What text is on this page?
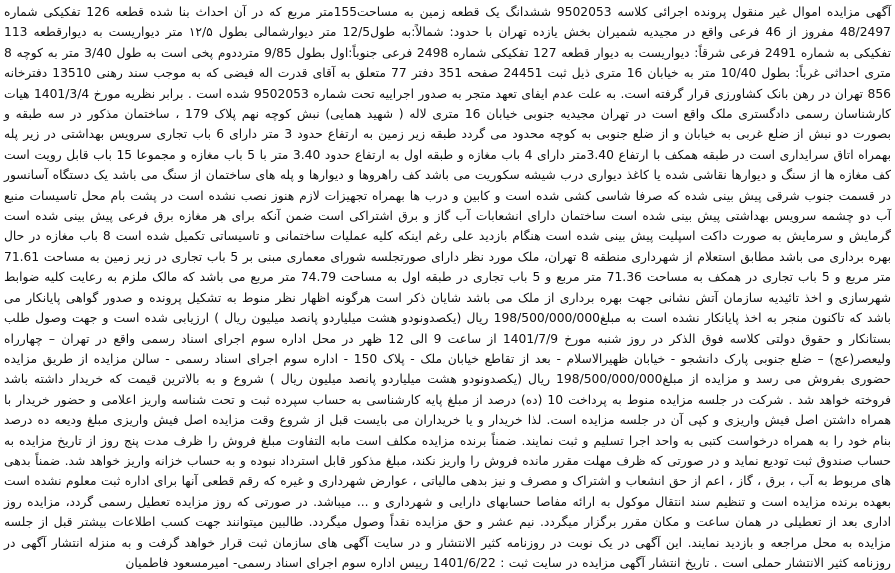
آگهی مزایده اموال غیر منقول پرونده اجرائی کلاسه 9502053 ششدانگ یک قطعه زمین به مساحت155متر مربع که در آن احداث بنا شده قطعه 126 تفکیکی شماره 48/2497 مفروز از 46 فرعی واقع در مجیدیه شمیران بخش یازده تهران با حدود: شمالاً:به طول12/5 متر دیوارشمالی بطول ۱۲/۵ متر دیواریست به دیوارقطعه 113 تفکیکی به شماره 2491 فرعی شرقاً: دیواریست به دیوار قطعه 127 تفکیکی شماره 2498 فرعی جنوباً:اول بطول 9/85 مترددوم پخی است به طول 3/40 متر به کوچه 8 متری احداثی غرباً: بطول 10/40 متر به خیابان 16 متری ذیل ثبت 24451 صفحه 351 دفتر 77 متعلق به آقای قدرت اله فیضی که به موجب سند رهنی 13510 دفترخانه 856 تهران در رهن بانک کشاورزی قرار گرفته است. به علت عدم ایفای تعهد متجر به صدور اجراییه تحت شماره 9502053 شده است . برابر نظریه مورخ 1401/3/4 هیات کارشناسان رسمی دادگستری ملک واقع است در تهران مجیدیه جنوبی خیابان 16 متری لاله ( شهید همایی) نبش کوچه نهم پلاک 179 ، ساختمان مذکور در سه طبقه و بصورت دو نبش از ضلع غربی به خیابان و از ضلع جنوبی به کوچه محدود می گردد طبقه زیر زمین به ارتفاع حدود 3 متر دارای 6 باب تجاری سرویس بهداشتی در زیر پله بهمراه اتاق سرایداری است در طبقه همکف با ارتفاع 3.40متر دارای 4 باب مغازه و طبقه اول به ارتفاع حدود 3.40 متر با 5 باب مغازه و مجموعا 15 باب قابل رویت است کف مغازه ها از سنگ و دیوارها نقاشی شده یا کاغذ دیواری درب شیشه سکوریت می باشد کف راهروها و دیوارها و پله های ساختمان از سنگ می باشد یک دستگاه آسانسور در قسمت جنوب شرقی پیش بینی شده که صرفا شاسی کشی شده است و کابین و درب ها بهمراه تجهیزات لازم هنوز نصب نشده است در پشت بام محل تاسیسات منبع آب دو چشمه سرویس بهداشتی پیش بینی شده است ساختمان دارای انشعابات آب گاز و برق اشتراکی است ضمن آنکه برای هر مغازه برق فرعی پیش بینی شده است گرمایش و سرمایش به صورت داکت اسپلیت پیش بینی شده است هنگام بازدید علی رغم اینکه کلیه عملیات ساختمانی و تاسیساتی تکمیل شده است 8 باب مغازه در حال بهره برداری می باشد مطابق استعلام از شهرداری منطقه 8 تهران، ملک مورد نظر دارای صورتجلسه شورای معماری مبنی بر 5 باب تجاری در زیر زمین به مساحت 71.61 متر مربع و 5 باب تجاری در همکف به مساحت 71.36 متر مربع و 5 باب تجاری در طبقه اول به مساحت 74.79 متر مربع می باشد که مالک ملزم به رعایت کلیه ضوابط شهرسازی و اخذ تائیدیه سازمان آتش نشانی جهت بهره برداری از ملک می باشد شایان ذکر است هرگونه اظهار نظر منوط به تشکیل پرونده و صدور گواهی پایانکار می باشد که تاکنون منجر به اخذ پایانکار نشده است به مبلغ198/500/000/000 ریال (یکصدونودو هشت میلیاردو پانصد میلیون ریال ) ارزیابی شده است و جهت وصول طلب بستانکار و حقوق دولتی کلاسه فوق الذکر در روز شنبه مورخ 1401/7/9 از ساعت 9 الی 12 ظهر در محل اداره سوم اجرای اسناد رسمی واقع در تهران – چهارراه ولیعصر(عج) – ضلع جنوبی پارک دانشجو - خیابان ظهیرالاسلام - بعد از تقاطع خیابان ملک - پلاک 150 - اداره سوم اجرای اسناد رسمی - سالن مزایده از طریق مزایده حضوری بفروش می رسد و مزایده از مبلغ198/500/000/000 ریال (یکصدونودو هشت میلیاردو پانصد میلیون ریال ) شروع و به بالاترین قیمت که خریدار داشته باشد فروخته خواهد شد . شرکت در جلسه مزایده منوط به پرداخت 10 (ده) درصد از مبلغ پایه کارشناسی به حساب سپرده ثبت و تحت شناسه واریز اعلامی و حضور خریدار با همراه داشتن اصل فیش واریزی و کپی آن در جلسه مزایده است. لذا خریدار و یا خریداران می بایست قبل از شروع وقت مزایده اصل فیش واریزی مبلغ ودیعه ده درصد بنام خود را به همراه درخواست کتبی به واحد اجرا تسلیم و ثبت نمایند. ضمناً برنده مزایده مکلف است مابه التفاوت مبلغ فروش را ظرف مدت پنج روز از تاریخ مزایده به حساب صندوق ثبت تودیع نماید و در صورتی که ظرف مهلت مقرر مانده فروش را واریز نکند، مبلغ مذکور قابل استرداد نبوده و به حساب خزانه واریز خواهد شد. ضمناً بدهی های مربوط به آب ، برق ، گاز ، اعم از حق انشعاب و اشتراک و مصرف و نیز بدهی مالیاتی ، عوارض شهرداری و غیره که رقم قطعی آنها برای اداره ثبت معلوم نشده است بعهده برنده مزایده است و تنظیم سند انتقال موکول به ارائه مفاصا حسابهای دارایی و شهرداری و ... میباشد. در صورتی که روز مزایده تعطیل رسمی گردد، مزایده روز اداری بعد از تعطیلی در همان ساعت و مکان مقرر برگزار میگردد. نیم عشر و حق مزایده نقداً وصول میگردد. طالبین میتوانند جهت کسب اطلاعات بیشتر قبل از جلسه مزایده به محل مراجعه و بازدید نمایند. این آگهی در یک نوبت در روزنامه کثیر الانتشار و در سایت آگهی های سازمان ثبت قرار خواهد گرفت و به منزله انتشار آگهی در روزنامه کثیر الانتشار حملی است . تاریخ انتشار آگهی مزایده در سایت ثبت : 1401/6/22 رییس اداره سوم اجرای اسناد رسمی- امیرمسعود فاطمیان
